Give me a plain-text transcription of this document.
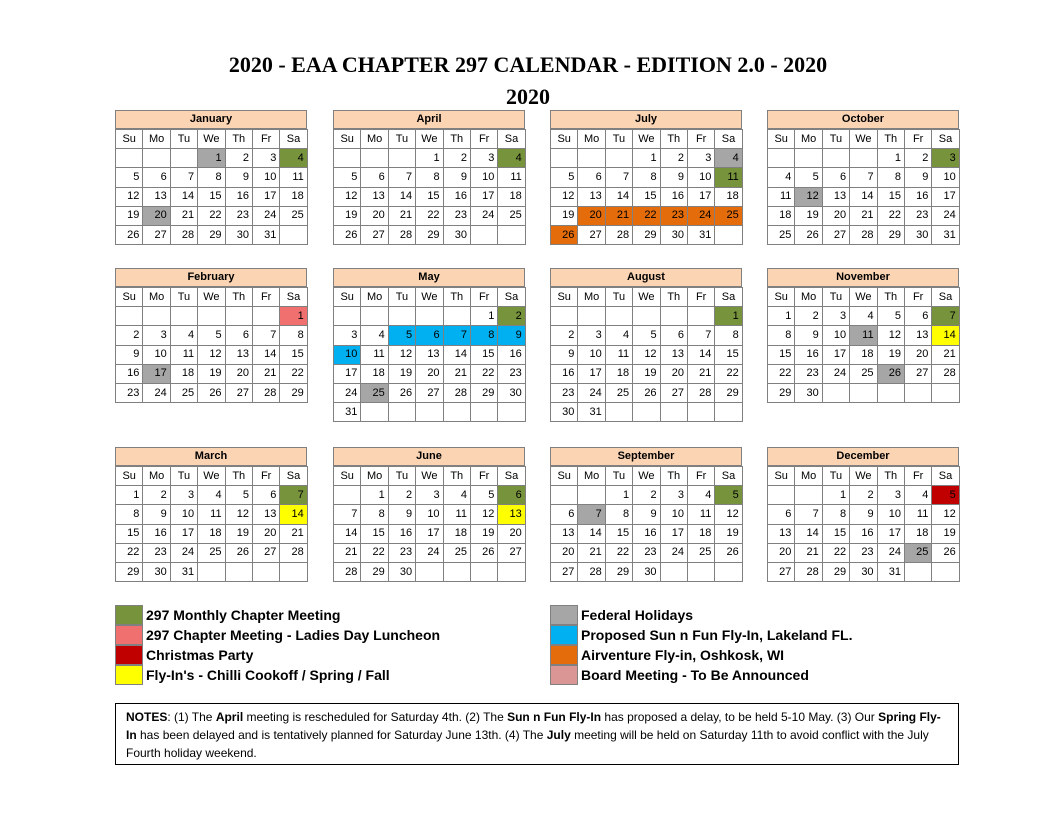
2020 - EAA CHAPTER 297 CALENDAR - EDITION 2.0 - 2020
2020
January
Su	Mo	Tu	We	Th	Fr	Sa
			1	2	3	4
5	6	7	8	9	10	11
12	13	14	15	16	17	18
19	20	21	22	23	24	25
26	27	28	29	30	31	
April
Su	Mo	Tu	We	Th	Fr	Sa
			1	2	3	4
5	6	7	8	9	10	11
12	13	14	15	16	17	18
19	20	21	22	23	24	25
26	27	28	29	30		
July
Su	Mo	Tu	We	Th	Fr	Sa
			1	2	3	4
5	6	7	8	9	10	11
12	13	14	15	16	17	18
19	20	21	22	23	24	25
26	27	28	29	30	31	
October
Su	Mo	Tu	We	Th	Fr	Sa
				1	2	3
4	5	6	7	8	9	10
11	12	13	14	15	16	17
18	19	20	21	22	23	24
25	26	27	28	29	30	31
February
Su	Mo	Tu	We	Th	Fr	Sa
						1
2	3	4	5	6	7	8
9	10	11	12	13	14	15
16	17	18	19	20	21	22
23	24	25	26	27	28	29
May
Su	Mo	Tu	We	Th	Fr	Sa
					1	2
3	4	5	6	7	8	9
10	11	12	13	14	15	16
17	18	19	20	21	22	23
24	25	26	27	28	29	30
31						
August
Su	Mo	Tu	We	Th	Fr	Sa
						1
2	3	4	5	6	7	8
9	10	11	12	13	14	15
16	17	18	19	20	21	22
23	24	25	26	27	28	29
30	31					
November
Su	Mo	Tu	We	Th	Fr	Sa
1	2	3	4	5	6	7
8	9	10	11	12	13	14
15	16	17	18	19	20	21
22	23	24	25	26	27	28
29	30					
March
Su	Mo	Tu	We	Th	Fr	Sa
1	2	3	4	5	6	7
8	9	10	11	12	13	14
15	16	17	18	19	20	21
22	23	24	25	26	27	28
29	30	31				
June
Su	Mo	Tu	We	Th	Fr	Sa
	1	2	3	4	5	6
7	8	9	10	11	12	13
14	15	16	17	18	19	20
21	22	23	24	25	26	27
28	29	30				
September
Su	Mo	Tu	We	Th	Fr	Sa
		1	2	3	4	5
6	7	8	9	10	11	12
13	14	15	16	17	18	19
20	21	22	23	24	25	26
27	28	29	30			
December
Su	Mo	Tu	We	Th	Fr	Sa
		1	2	3	4	5
6	7	8	9	10	11	12
13	14	15	16	17	18	19
20	21	22	23	24	25	26
27	28	29	30	31		
297 Monthly Chapter Meeting
297 Chapter Meeting - Ladies Day Luncheon
Christmas Party
Fly-In's - Chilli Cookoff / Spring / Fall
Federal Holidays
Proposed Sun n Fun Fly-In, Lakeland FL.
Airventure Fly-in, Oshkosk, WI
Board Meeting - To Be Announced
NOTES: (1) The April meeting is rescheduled for Saturday 4th. (2) The Sun n Fun Fly-In has proposed a delay, to be held 5-10 May. (3) Our Spring Fly-In has been delayed and is tentatively planned for Saturday June 13th. (4) The July meeting will be held on Saturday 11th to avoid conflict with the July Fourth holiday weekend.
